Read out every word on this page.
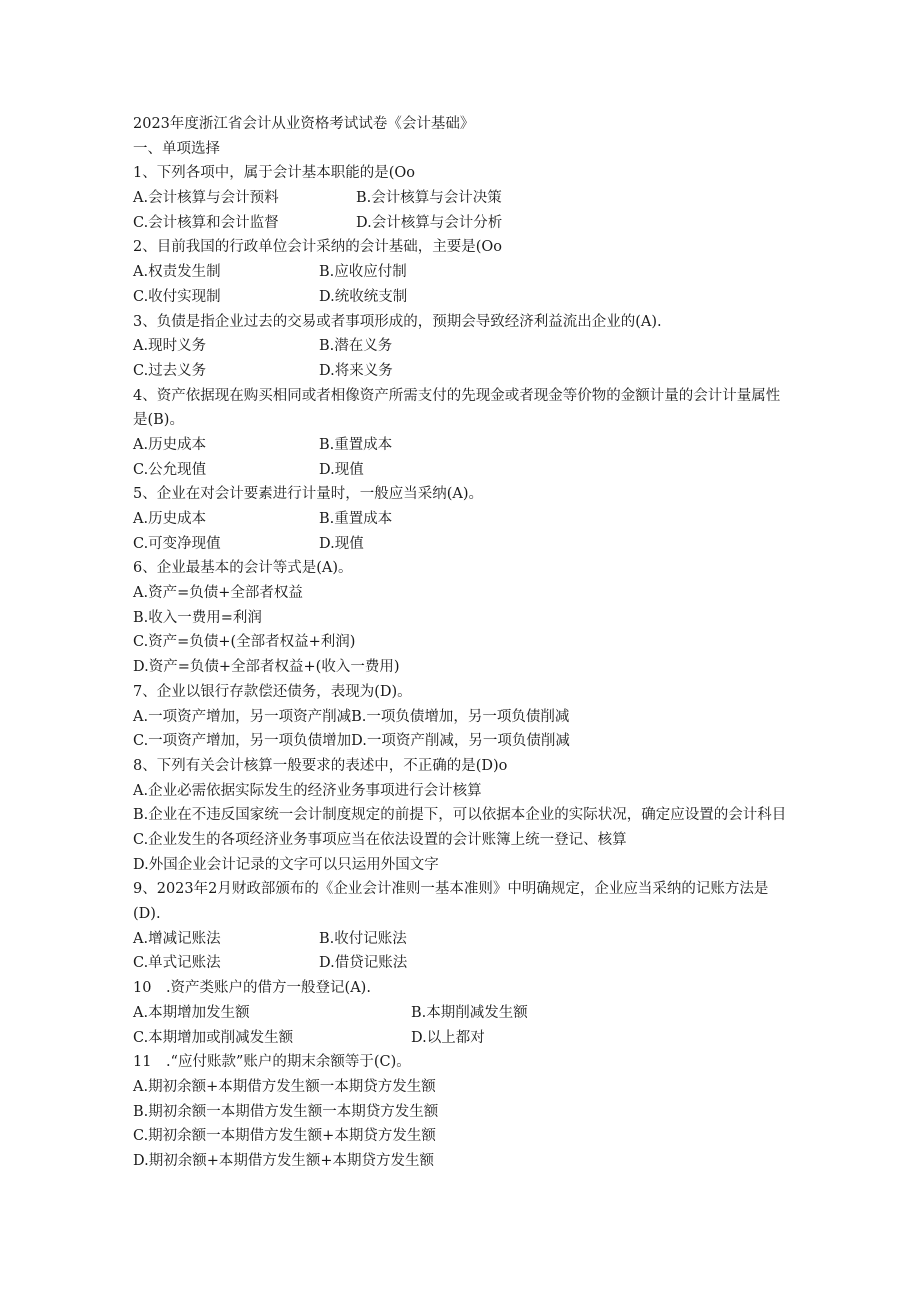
2023年度浙江省会计从业资格考试试卷《会计基础》
一、单项选择
1、下列各项中，属于会计基本职能的是(Oo
A.会计核算与会计预料	B.会计核算与会计决策
C.会计核算和会计监督	D.会计核算与会计分析
2、目前我国的行政单位会计采纳的会计基础，主要是(Oo
A.权责发生制	B.应收应付制
C.收付实现制	D.统收统支制
3、负债是指企业过去的交易或者事项形成的，预期会导致经济利益流出企业的(A).
A.现时义务	B.潜在义务
C.过去义务	D.将来义务
4、资产依据现在购买相同或者相像资产所需支付的先现金或者现金等价物的金额计量的会计计量属性是(B)。
A.历史成本	B.重置成本
C.公允现值	D.现值
5、企业在对会计要素进行计量时，一般应当采纳(A)。
A.历史成本	B.重置成本
C.可变净现值	D.现值
6、企业最基本的会计等式是(A)。
A.资产=负债+全部者权益
B.收入一费用=利润
C.资产=负债+(全部者权益+利润)
D.资产=负债+全部者权益+(收入一费用)
7、企业以银行存款偿还债务，表现为(D)。
A.一项资产增加，另一项资产削减B.一项负债增加，另一项负债削减
C.一项资产增加，另一项负债增加D.一项资产削减，另一项负债削减
8、下列有关会计核算一般要求的表述中，不正确的是(D)o
A.企业必需依据实际发生的经济业务事项进行会计核算
B.企业在不违反国家统一会计制度规定的前提下，可以依据本企业的实际状况，确定应设置的会计科目
C.企业发生的各项经济业务事项应当在依法设置的会计账簿上统一登记、核算
D.外国企业会计记录的文字可以只运用外国文字
9、2023年2月财政部颁布的《企业会计准则一基本准则》中明确规定，企业应当采纳的记账方法是(D).
A.增减记账法	B.收付记账法
C.单式记账法	D.借贷记账法
10　.资产类账户的借方一般登记(A).
A.本期增加发生额	B.本期削减发生额
C.本期增加或削减发生额	D.以上都对
11　.“应付账款”账户的期末余额等于(C)。
A.期初余额+本期借方发生额一本期贷方发生额
B.期初余额一本期借方发生额一本期贷方发生额
C.期初余额一本期借方发生额+本期贷方发生额
D.期初余额+本期借方发生额+本期贷方发生额
